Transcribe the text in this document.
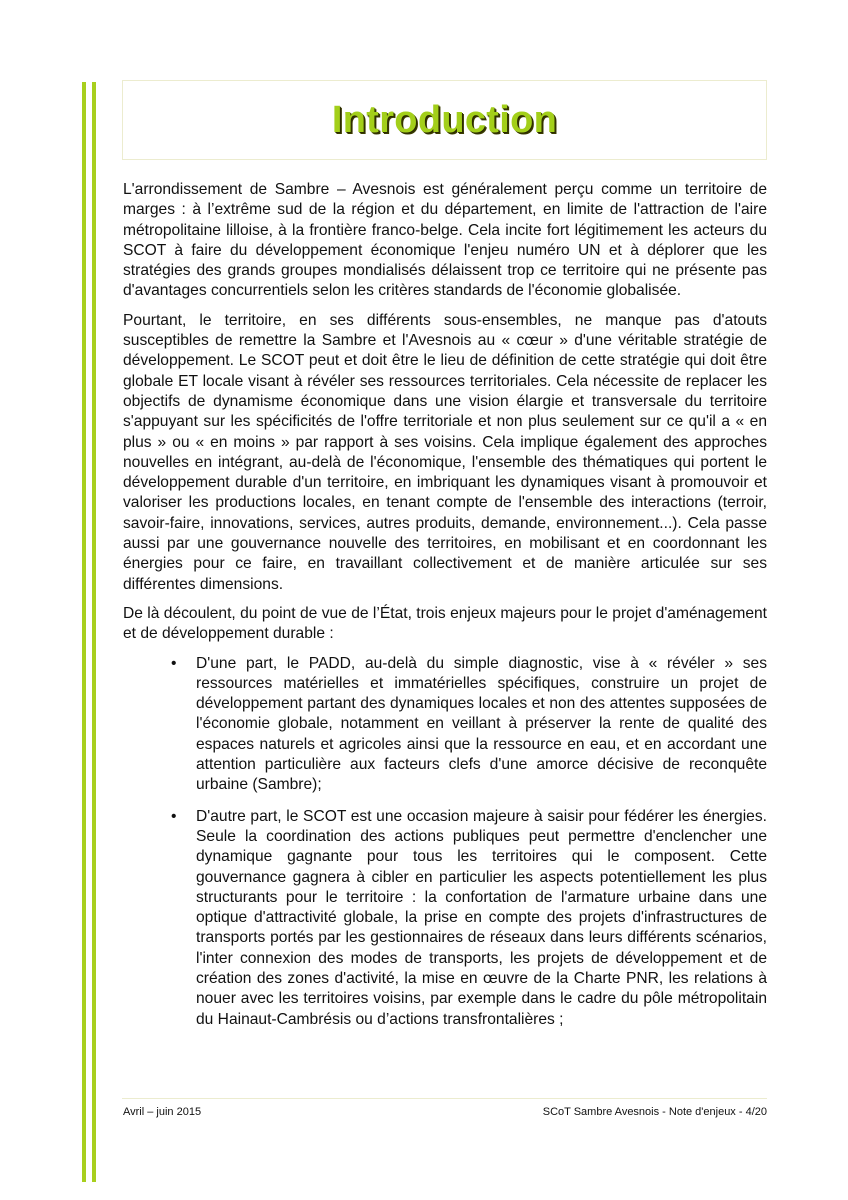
Introduction

L'arrondissement de Sambre – Avesnois est généralement perçu comme un territoire de marges : à l’extrême sud de la région et du département, en limite de l'attraction de l'aire métropolitaine lilloise, à la frontière franco-belge. Cela incite fort légitimement les acteurs du SCOT à faire du développement économique l'enjeu numéro UN et à déplorer que les stratégies des grands groupes mondialisés délaissent trop ce territoire qui ne présente pas d'avantages concurrentiels selon les critères standards de l'économie globalisée.

Pourtant, le territoire, en ses différents sous-ensembles, ne manque pas d'atouts susceptibles de remettre la Sambre et l'Avesnois au « cœur » d'une véritable stratégie de développement. Le SCOT peut et doit être le lieu de définition de cette stratégie qui doit être globale ET locale visant à révéler ses ressources territoriales. Cela nécessite de replacer les objectifs de dynamisme économique dans une vision élargie et transversale du territoire s'appuyant sur les spécificités de l'offre territoriale et non plus seulement sur ce qu'il a « en plus » ou « en moins » par rapport à ses voisins. Cela implique également des approches nouvelles en intégrant, au-delà de l'économique, l'ensemble des thématiques qui portent le développement durable d'un territoire, en imbriquant les dynamiques visant à promouvoir et valoriser les productions locales, en tenant compte de l'ensemble des interactions (terroir, savoir-faire, innovations, services, autres produits, demande, environnement...). Cela passe aussi par une gouvernance nouvelle des territoires, en mobilisant et en coordonnant les énergies pour ce faire, en travaillant collectivement et de manière articulée sur ses différentes dimensions.

De là découlent, du point de vue de l’État, trois enjeux majeurs pour le projet d'aménagement et de développement durable :

• D'une part, le PADD, au-delà du simple diagnostic, vise à « révéler » ses ressources matérielles et immatérielles spécifiques, construire un projet de développement partant des dynamiques locales et non des attentes supposées de l'économie globale, notamment en veillant à préserver la rente de qualité des espaces naturels et agricoles ainsi que la ressource en eau, et en accordant une attention particulière aux facteurs clefs d'une amorce décisive de reconquête urbaine (Sambre);
• D'autre part, le SCOT est une occasion majeure à saisir pour fédérer les énergies. Seule la coordination des actions publiques peut permettre d'enclencher une dynamique gagnante pour tous les territoires qui le composent. Cette gouvernance gagnera à cibler en particulier les aspects potentiellement les plus structurants pour le territoire : la confortation de l'armature urbaine dans une optique d'attractivité globale, la prise en compte des projets d'infrastructures de transports portés par les gestionnaires de réseaux dans leurs différents scénarios, l'inter connexion des modes de transports, les projets de développement et de création des zones d'activité, la mise en œuvre de la Charte PNR, les relations à nouer avec les territoires voisins, par exemple dans le cadre du pôle métropolitain du Hainaut-Cambrésis ou d’actions transfrontalières ;
Avril – juin 2015	SCoT Sambre Avesnois - Note d'enjeux - 4/20
